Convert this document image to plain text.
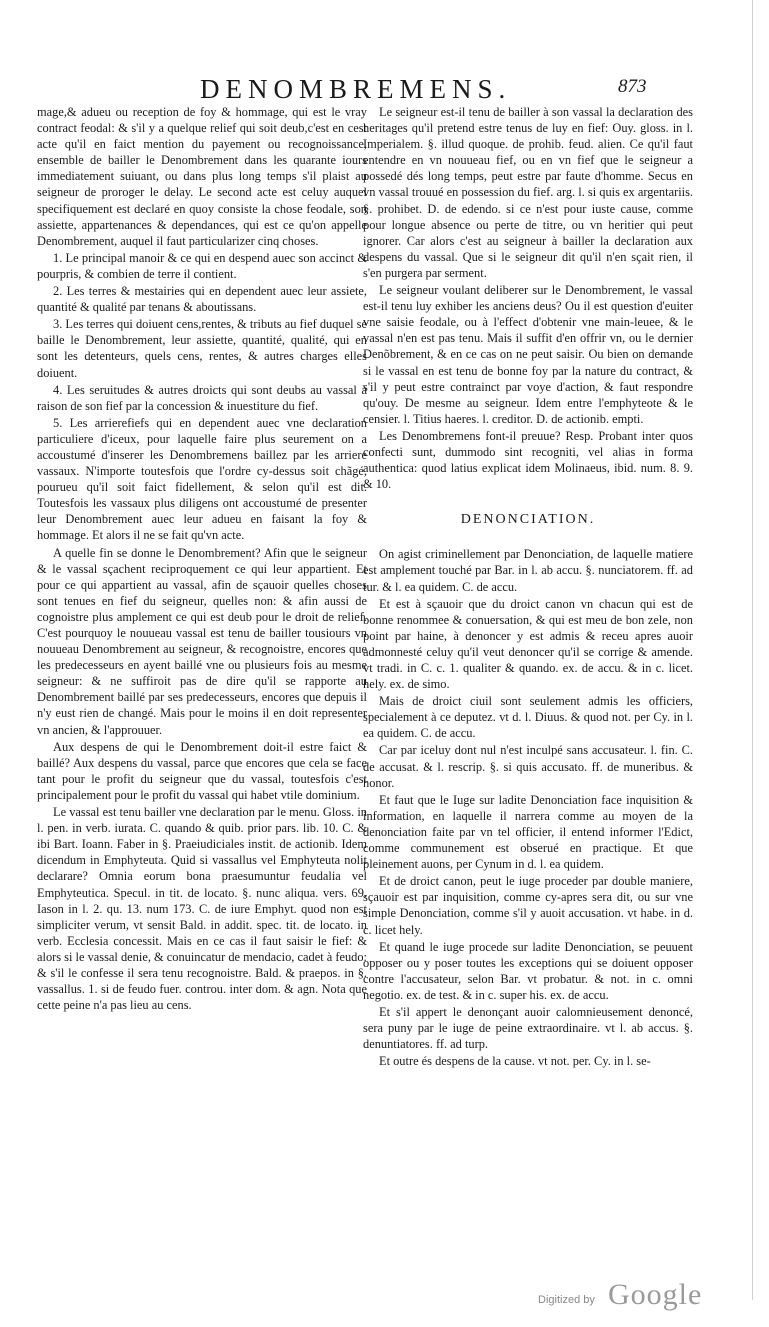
DENOMBREMENS.	873

mage,& adueu ou reception de foy & hommage, qui est le vray contract feodal: & s'il y a quelque relief qui soit deub,c'est en cest acte qu'il en faict mention du payement ou recognoissance, ensemble de bailler le Denombrement dans les quarante iours immediatement suiuant, ou dans plus long temps s'il plaist au seigneur de proroger le delay. Le second acte est celuy auquel specifiquement est declaré en quoy consiste la chose feodale, son assiette, appartenances & dependances, qui est ce qu'on appelle Denombrement, auquel il faut particularizer cinq choses.

1. Le principal manoir & ce qui en despend auec son accinct & pourpris, & combien de terre il contient.

2. Les terres & mestairies qui en dependent auec leur assiete, quantité & qualité par tenans & aboutissans.

3. Les terres qui doiuent cens,rentes, & tributs au fief duquel se baille le Denombrement, leur assiette, quantité, qualité, qui en sont les detenteurs, quels cens, rentes, & autres charges elles doiuent.

4. Les seruitudes & autres droicts qui sont deubs au vassal à raison de son fief par la concession & inuestiture du fief.

5. Les arrierefiefs qui en dependent auec vne declaration particuliere d'iceux, pour laquelle faire plus seurement on a accoustumé d'inserer les Denombremens baillez par les arriere vassaux. N'importe toutesfois que l'ordre cy-dessus soit chãgé, pourueu qu'il soit faict fidellement, & selon qu'il est dit. Toutesfois les vassaux plus diligens ont accoustumé de presenter leur Denombrement auec leur adueu en faisant la foy & hommage. Et alors il ne se fait qu'vn acte.

A quelle fin se donne le Denombrement? Afin que le seigneur & le vassal sçachent reciproquement ce qui leur appartient. Et pour ce qui appartient au vassal, afin de sçauoir quelles choses sont tenues en fief du seigneur, quelles non: & afin aussi de cognoistre plus amplement ce qui est deub pour le droit de relief. C'est pourquoy le nouueau vassal est tenu de bailler tousiours vn nouueau Denombrement au seigneur, & recognoistre, encores que les predecesseurs en ayent baillé vne ou plusieurs fois au mesme seigneur: & ne suffiroit pas de dire qu'il se rapporte au Denombrement baillé par ses predecesseurs, encores que depuis il n'y eust rien de changé. Mais pour le moins il en doit representer vn ancien, & l'approuuer.

Aux despens de qui le Denombrement doit-il estre faict & baillé? Aux despens du vassal, parce que encores que cela se face tant pour le profit du seigneur que du vassal, toutesfois c'est principalement pour le profit du vassal qui habet vtile dominium.

Le vassal est tenu bailler vne declaration par le menu. Gloss. in l. pen. in verb. iurata. C. quando & quib. prior pars. lib. 10. C. & ibi Bart. Ioann. Faber in §. Praeiudiciales instit. de actionib. Idem dicendum in Emphyteuta. Quid si vassallus vel Emphyteuta nolit declarare? Omnia eorum bona praesumuntur feudalia vel Emphyteutica. Specul. in tit. de locato. §. nunc aliqua. vers. 69. Iason in l. 2. qu. 13. num 173. C. de iure Emphyt. quod non est simpliciter verum, vt sensit Bald. in addit. spec. tit. de locato. in verb. Ecclesia concessit. Mais en ce cas il faut saisir le fief: & alors si le vassal denie, & conuincatur de mendacio, cadet à feudo: & s'il le confesse il sera tenu recognoistre. Bald. & praepos. in §. vassallus. 1. si de feudo fuer. controu. inter dom. & agn. Nota que cette peine n'a pas lieu au cens.

Le seigneur est-il tenu de bailler à son vassal la declaration des heritages qu'il pretend estre tenus de luy en fief: Ouy. gloss. in l. Imperialem. §. illud quoque. de prohib. feud. alien. Ce qu'il faut entendre en vn nouueau fief, ou en vn fief que le seigneur a possedé dés long temps, peut estre par faute d'homme. Secus en vn vassal trouué en possession du fief. arg. l. si quis ex argentariis. §. prohibet. D. de edendo. si ce n'est pour iuste cause, comme pour longue absence ou perte de titre, ou vn heritier qui peut ignorer. Car alors c'est au seigneur à bailler la declaration aux despens du vassal. Que si le seigneur dit qu'il n'en sçait rien, il s'en purgera par serment.

Le seigneur voulant deliberer sur le Denombrement, le vassal est-il tenu luy exhiber les anciens deus? Ou il est question d'euiter vne saisie feodale, ou à l'effect d'obtenir vne main-leuee, & le vassal n'en est pas tenu. Mais il suffit d'en offrir vn, ou le dernier Denõbrement, & en ce cas on ne peut saisir. Ou bien on demande si le vassal en est tenu de bonne foy par la nature du contract, & s'il y peut estre contrainct par voye d'action, & faut respondre qu'ouy. De mesme au seigneur. Idem entre l'emphyteote & le censier. l. Titius haeres. l. creditor. D. de actionib. empti.

Les Denombremens font-il preuue? Resp. Probant inter quos confecti sunt, dummodo sint recogniti, vel alias in forma authentica: quod latius explicat idem Molinaeus, ibid. num. 8. 9. & 10.

DENONCIATION.

On agist criminellement par Denonciation, de laquelle matiere est amplement touché par Bar. in l. ab accu. §. nunciatorem. ff. ad tur. & l. ea quidem. C. de accu.

Et est à sçauoir que du droict canon vn chacun qui est de bonne renommee & conuersation, & qui est meu de bon zele, non point par haine, à denoncer y est admis & receu apres auoir admonnesté celuy qu'il veut denoncer qu'il se corrige & amende. vt tradi. in C. c. 1. qualiter & quando. ex. de accu. & in c. licet. hely. ex. de simo.

Mais de droict ciuil sont seulement admis les officiers, specialement à ce deputez. vt d. l. Diuus. & quod not. per Cy. in l. ea quidem. C. de accu.

Car par iceluy dont nul n'est inculpé sans accusateur. l. fin. C. de accusat. & l. rescrip. §. si quis accusato. ff. de muneribus. & honor.

Et faut que le Iuge sur ladite Denonciation face inquisition & information, en laquelle il narrera comme au moyen de la denonciation faite par vn tel officier, il entend informer l'Edict, comme communement est obserué en practique. Et que pleinement auons, per Cynum in d. l. ea quidem.

Et de droict canon, peut le iuge proceder par double maniere, sçauoir est par inquisition, comme cy-apres sera dit, ou sur vne simple Denonciation, comme s'il y auoit accusation. vt habe. in d. c. licet hely.

Et quand le iuge procede sur ladite Denonciation, se peuuent opposer ou y poser toutes les exceptions qui se doiuent opposer contre l'accusateur, selon Bar. vt probatur. & not. in c. omni negotio. ex. de test. & in c. super his. ex. de accu.

Et s'il appert le denonçant auoir calomnieusement denoncé, sera puny par le iuge de peine extraordinaire. vt l. ab accus. §. denuntiatores. ff. ad turp.

Et outre és despens de la cause. vt not. per. Cy. in l. se-

Digitized by Google
